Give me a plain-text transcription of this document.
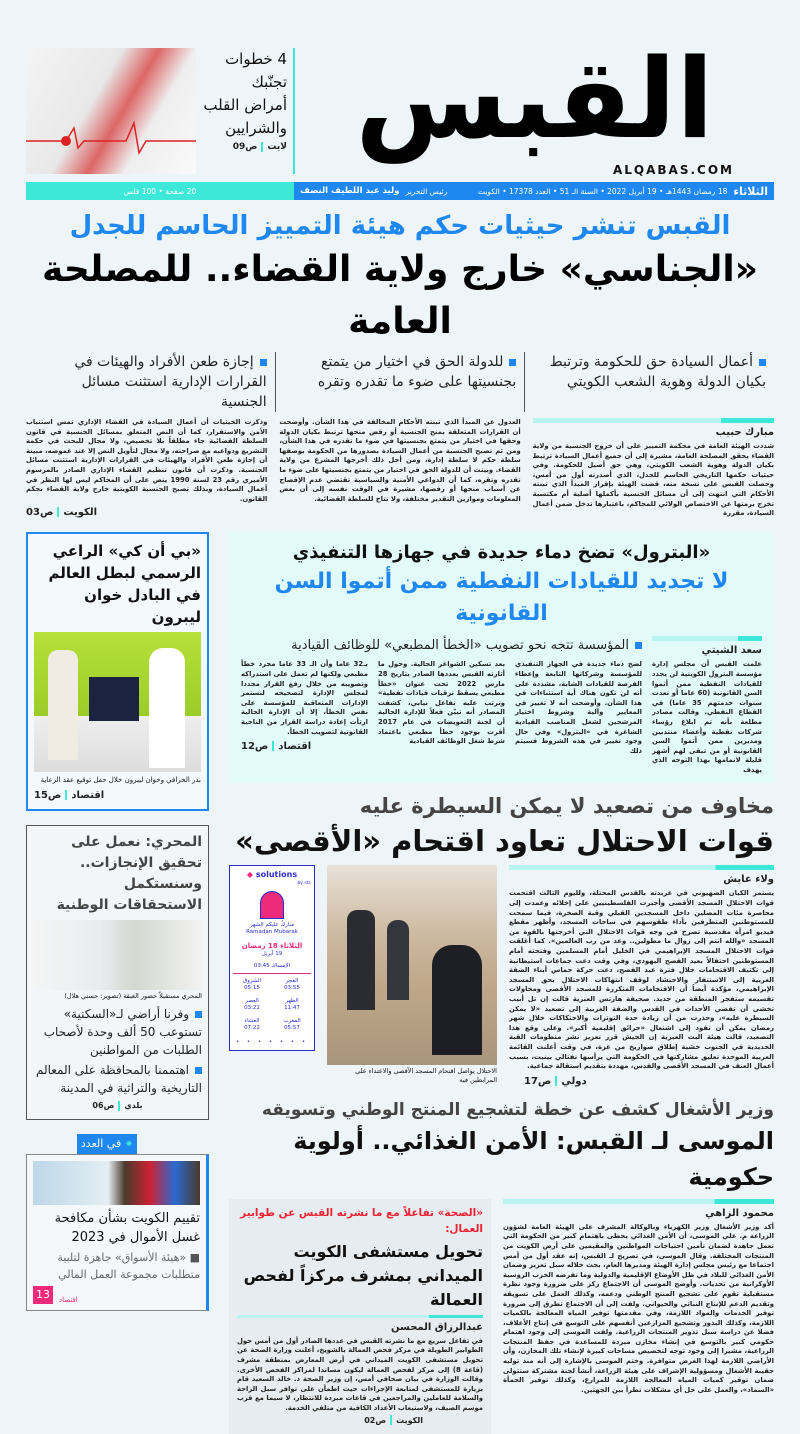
القبس
ALQABAS.COM
4 خطوات
تجنّبك
أمراض القلب
والشرايين
لايتص09
الثلاثاء
18 رمضان 1443هـ • 19 أبريل 2022 • السنة الـ 51 • العدد 17378 • الكويت
رئيس التحرير
وليد عبد اللطيف النصف
20 صفحة • 100 فلس
القبس تنشر حيثيات حكم هيئة التمييز الحاسم للجدل
«الجناسي» خارج ولاية القضاء.. للمصلحة العامة
أعمال السيادة حق للحكومة وترتبط بكيان الدولة وهوية الشعب الكويتي
للدولة الحق في اختيار من يتمتع بجنسيتها على ضوء ما تقدره وتقره
إجازة طعن الأفراد والهيئات في القرارات الإدارية استثنت مسائل الجنسية
مبارك حبيب
شددت الهيئة العامة في محكمة التمييز على أن خروج الجنسية من ولاية القضاء يحقق المصلحة العامة، مشيرة إلى أن جميع أعمال السيادة ترتبط بكيان الدولة وهوية الشعب الكويتي، وهي حق أصيل للحكومة. وفي حيثيات حكمها التاريخي الحاسم للجدل، الذي أصدرته أول من أمس، وحصلت القبس على نسخة منه، قضت الهيئة بإقرار المبدأ الذي تبنته الأحكام التي انتهت إلى أن مسائل الجنسية بأكملها أصلية أم مكتسبة تخرج برمتها عن الاختصاص الولائي للمحاكم، باعتبارها تدخل ضمن أعمال السيادة، مقررة
العدول عن المبدأ الذي تبنته الأحكام المخالفة في هذا الشأن. وأوضحت أن القرارات المتعلقة بمنح الجنسية أو رفض منحها ترتبط بكيان الدولة وحقها في اختيار من يتمتع بجنسيتها في ضوء ما تقدره في هذا الشأن، ومن ثم تصبح الجنسية من أعمال السيادة بصدورها من الحكومة بوصفها سلطة حكم لا سلطة إدارة، ومن أجل ذلك أخرجها المشرع من ولاية القضاء. وبينت أن للدولة الحق في اختيار من يتمتع بجنسيتها على ضوء ما تقدره وتقره، كما أن الدواعي الأمنية والسياسية تقتضي عدم الإفصاح عن أسباب منحها أو رفضها، مشيرة في الوقت نفسه إلى أن بعض المعلومات وموازين التقدير مختلفة، ولا تتاح للسلطة القضائية.
وذكرت الحيثيات أن أعمال السيادة في القضاء الإداري تمس استتباب الأمن والاستقرار، كما أن النص المتعلق بمسائل الجنسية في قانون السلطة القضائية جاء مطلقاً بلا تخصيص، ولا مجال للبحث في حكمة التشريع ودواعيه مع صراحته، ولا مجال لتأويل النص إلا عند غموضه، مبينة أن إجازة طعن الأفراد والهيئات في القرارات الإدارية استثنت مسائل الجنسية. وذكرت أن قانون تنظيم القضاء الإداري الصادر بالمرسوم الأميري رقم 23 لسنة 1990 ينص على أن المحاكم ليس لها النظر في أعمال السيادة، وبذلك تصبح الجنسية الكويتية خارج ولاية القضاء بحكم القانون.
الكويتص03
«البترول» تضخ دماء جديدة في جهازها التنفيذي
لا تجديد للقيادات النفطية ممن أتموا السن القانونية
سعد الشيتي
علمت القبس أن مجلس إدارة مؤسسة البترول الكويتية لن يجدد للقيادات النفطية ممن أتموا السن القانونية (60 عاما أو تعدت سنوات خدمتهم 35 عاما) في القطاع النفطي. وقالت مصادر مطلعة بأنه تم ابلاغ رؤساء شركات نفطية وأعضاء منتدبين ومديرين ممن أتموا السن القانونية أو من تبقى لهم أشهر قليلة لانمامها بهذا التوجه الذي يهدف
المؤسسة تتجه نحو تصويب «الخطأ المطبعي» للوظائف القيادية
لضخ دماء جديدة في الجهاز التنفيذي للمؤسسة وشركاتها التابعة وإعطاء الفرصة للقيادات الشابة، مشددة على أنه لن تكون هناك أية استثناءات في هذا الشأن. وأوضحت أنه لا تغيير في المعايير وآلية وشروط اختيار المرشحين لشغل المناصب القيادية الشاغرة في «البترول» وفي حال وجود تغيير في هذه الشروط فسيتم ذلك
بعد تسكين الشواغر الحالية. وحول ما أثارته القبس بعددها الصادر بتاريخ 28 مارس 2022 تحت عنوان «خطأ مطبعي يسقط ترقيات قيادات نفطية» وترتب عليه تفاعل نيابي، كشفت المصادر أنه تبيّن فعلاً للإدارة الحالية أن لجنة التعويضات في عام 2017 أقرت بوجود خطأ مطبعي باعتماد شرط شغل الوظائف القيادية
بـ32 عاما وأن الـ 33 عاما مجرد خطأ مطبعي ولكنها لم تعمل على استدراكه وتصويبه من خلال رفع القرار مجددا لمجلس الإدارة لتصحيحه لتستمر الإدارات المتعاقبة للمؤسسة على نفس الخطأ، إلا أن الإدارة الحالية ارتأت إعادة دراسة القرار من الناحية القانونية لتصويب الخطأ.
اقتصادص12
مخاوف من تصعيد لا يمكن السيطرة عليه
قوات الاحتلال تعاود اقتحام «الأقصى»
ولاء عايش
يستمر الكيان الصهيوني في عربدته بالقدس المحتلة، ولليوم الثالث اقتحمت قوات الاحتلال المسجد الأقصى وأجبرت الفلسطينيين على إخلائه وعمدت إلى محاصرة مئات المصلين داخل المسجدين القبلي وقبة الصخرة، فيما سمحت للمستوطنين المتطرفين بأداء طقوسهم في ساحات المسجد، وأظهر مقطع فيديو امرأة مقدسية تصرخ في وجه قوات الاحتلال التي أخرجتها بالقوة من المسجد «والله انتم إلى زوال ما مطولين.. وعد من رب العالمين». كما أغلقت قوات الاحتلال المسجد الإبراهيمي في الخليل أمام المسلمين وفتحته أمام المستوطنين احتفالاً بعيد الفصح اليهودي، وفي وقت دعت جماعات استيطانية إلى تكثيف الاقتحامات خلال فترة عيد الفصح، دعت حركة حماس أبناء الضفة الغربية إلى الاستنفار والاحتشاد لوقف انتهاكات الاحتلال بحق المسجد الإبراهيمي، مؤكدة أيضاً أن الاقتحامات المتكررة للمسجد الأقصى ومحاولات تقسيمه ستفجر المنطقة من جديد. صحيفة هارتس العبرية قالت إن تل أبيب تخشى أن تفضي الأحداث في القدس والضفة الغربية إلى تصعيد «لا يمكن السيطرة عليه»، وحذرت من أن زيادة حدة التوترات والاحتكاكات خلال شهر رمضان يمكن أن تقود إلى اشتعال «حرائق إقليمية أكبر». وعلى وقع هذا التصعيد، قالت هيئة البث العبرية إن الجيش قرر تعزيز نشر منظومات القبة الحديدية في الجنوب خشية إطلاق صواريخ من غزة، في وقت أعلنت القائمة العربية الموحدة تعليق مشاركتها في الحكومة التي يرأسها نفتالي بينيت، بسبب أعمال العنف في المسجد الأقصى والقدس، مهددة بتقديم استقالة جماعية.
دوليص17
الاحتلال يواصل اقتحام المسجد الأقصى والاعتداء على المرابطين فيه
◆ solutions
by stc
مباركٌ عليكم الشهر
Ramadan Mubarak
الثلاثاء 18 رمضان
19 أبريل
الإمساك 03:45
الفجر
03:55
الشروق
05:15
الظهر
11:47
العصر
03:22
المغرب
05:57
العشاء
07:22
• • • • • • •
وزير الأشغال كشف عن خطة لتشجيع المنتج الوطني وتسويقه
الموسى لـ القبس: الأمن الغذائي.. أولوية حكومية
محمود الزاهي
أكد وزير الأشغال وزير الكهرباء وبالوكالة المشرف على الهيئة العامة لشؤون الزراعة م. علي الموسى، أن الأمن الغذائي يحظى باهتمام كبير من الحكومة التي تعمل جاهدة لضمان تأمين احتياجات المواطنين والمقيمين على أرض الكويت من المنتجات المختلفة. وقال الموسى، في تصريح لـ القبس، إنه عقد أول من أمس اجتماعا مع رئيس مجلس إدارة الهيئة ومديرها العام، بحث خلاله سبل تعزيز وضمان الأمن الغذائي للبلاد في ظل الأوضاع الإقليمية والدولية وما تفرضه الحرب الروسية الأوكرانية من تحديات. وأوضح الموسى أن الاجتماع ركز على ضرورة وجود نظرة مستقبلية تقوم على تشجيع المنتج الوطني ودعمه، وكذلك العمل على تسويقه وتقديم الدعم للإنتاج النباتي والحيواني. ولفت إلى أن الاجتماع تطرق إلى ضرورة توفير الخدمات والمواد اللازمة، وفي مقدمتها توفير المياه المعالجة بالكميات اللازمة، وكذلك البذور وتشجيع المزارعين أنفسهم على التوسع في إنتاج الأعلاف، فضلا عن دراسة سبل تدوير المنتجات الزراعية. ولفت الموسى إلى وجود اهتمام حكومي كبير بالتوسع في إنشاء مخازن مبردة للمساعدة في حفظ المنتجات الزراعية، مشيرا إلى وجود توجه لتخصيص مساحات كبيرة لإنشاء تلك المخازن، وأن الأراضي اللازمة لهذا الغرض متوافرة. وختم الموسى بالإشارة إلى أنه منذ توليه حقيبة الأشغال ومسؤولية الإشراف على هيئة الزراعة، أنشأ لجنة مشتركة ستتولى ضمان توفير كميات المياه المعالجة اللازمة للمزارع، وكذلك توفير الحمأة «السماد»، والعمل على حل أي مشكلات تطرأ بين الجهتين.
«الصحة» تفاعلاً مع ما نشرته القبس عن طوابير العمال:
تحويل مستشفى الكويت الميداني بمشرف مركزاً لفحص العمالة
عبدالرزاق المحسن
في تفاعل سريع مع ما نشرته القبس في عددها الصادر أول من أمس حول الطوابير الطويلة في مركز فحص العمالة بالشويخ، أعلنت وزارة الصحة عن تحويل مستشفى الكويت الميداني في أرض المعارض بمنطقة مشرف (قاعة 8) إلى مركز لفحص العمالة ليكون مساندا لمراكز الفحص الأخرى. وقالت الوزارة في بيان صحافي أمس، إن وزير الصحة د. خالد السعيد قام بزيارة للمستشفى لمتابعة الإجراءات حيث اطمأن على توافر سبل الراحة والسلامة للعاملين والمراجعين في قاعات مبردة للانتظار، لا سيما مع قرب موسم الصيف، ولاستيعاب الأعداد الكافية من متلقي الخدمة.
الكويتص02
«بي أن كي» الراعي الرسمي لبطل العالم في البادل خوان ليبرون
بدر الخرافي وخوان ليبرون خلال حفل توقيع عقد الرعاية
اقتصادص15
المحري: نعمل على تحقيق الإنجازات.. وسنستكمل الاستحقاقات الوطنية
المحري مستقبلاً حضور الغبقة (تصوير: حسني هلال)
وفرنا أراضي لـ«السكنية» تستوعب 50 ألف وحدة لأصحاب الطلبات من المواطنين
اهتممنا بالمحافظة على المعالم التاريخية والتراثية في المدينة
بلديص06
✷ في العدد
تقييم الكويت بشأن مكافحة غسل الأموال في 2023
■ «هيئة الأسواق» جاهزة لتلبية متطلبات مجموعة العمل المالي
13	اقتصاد
